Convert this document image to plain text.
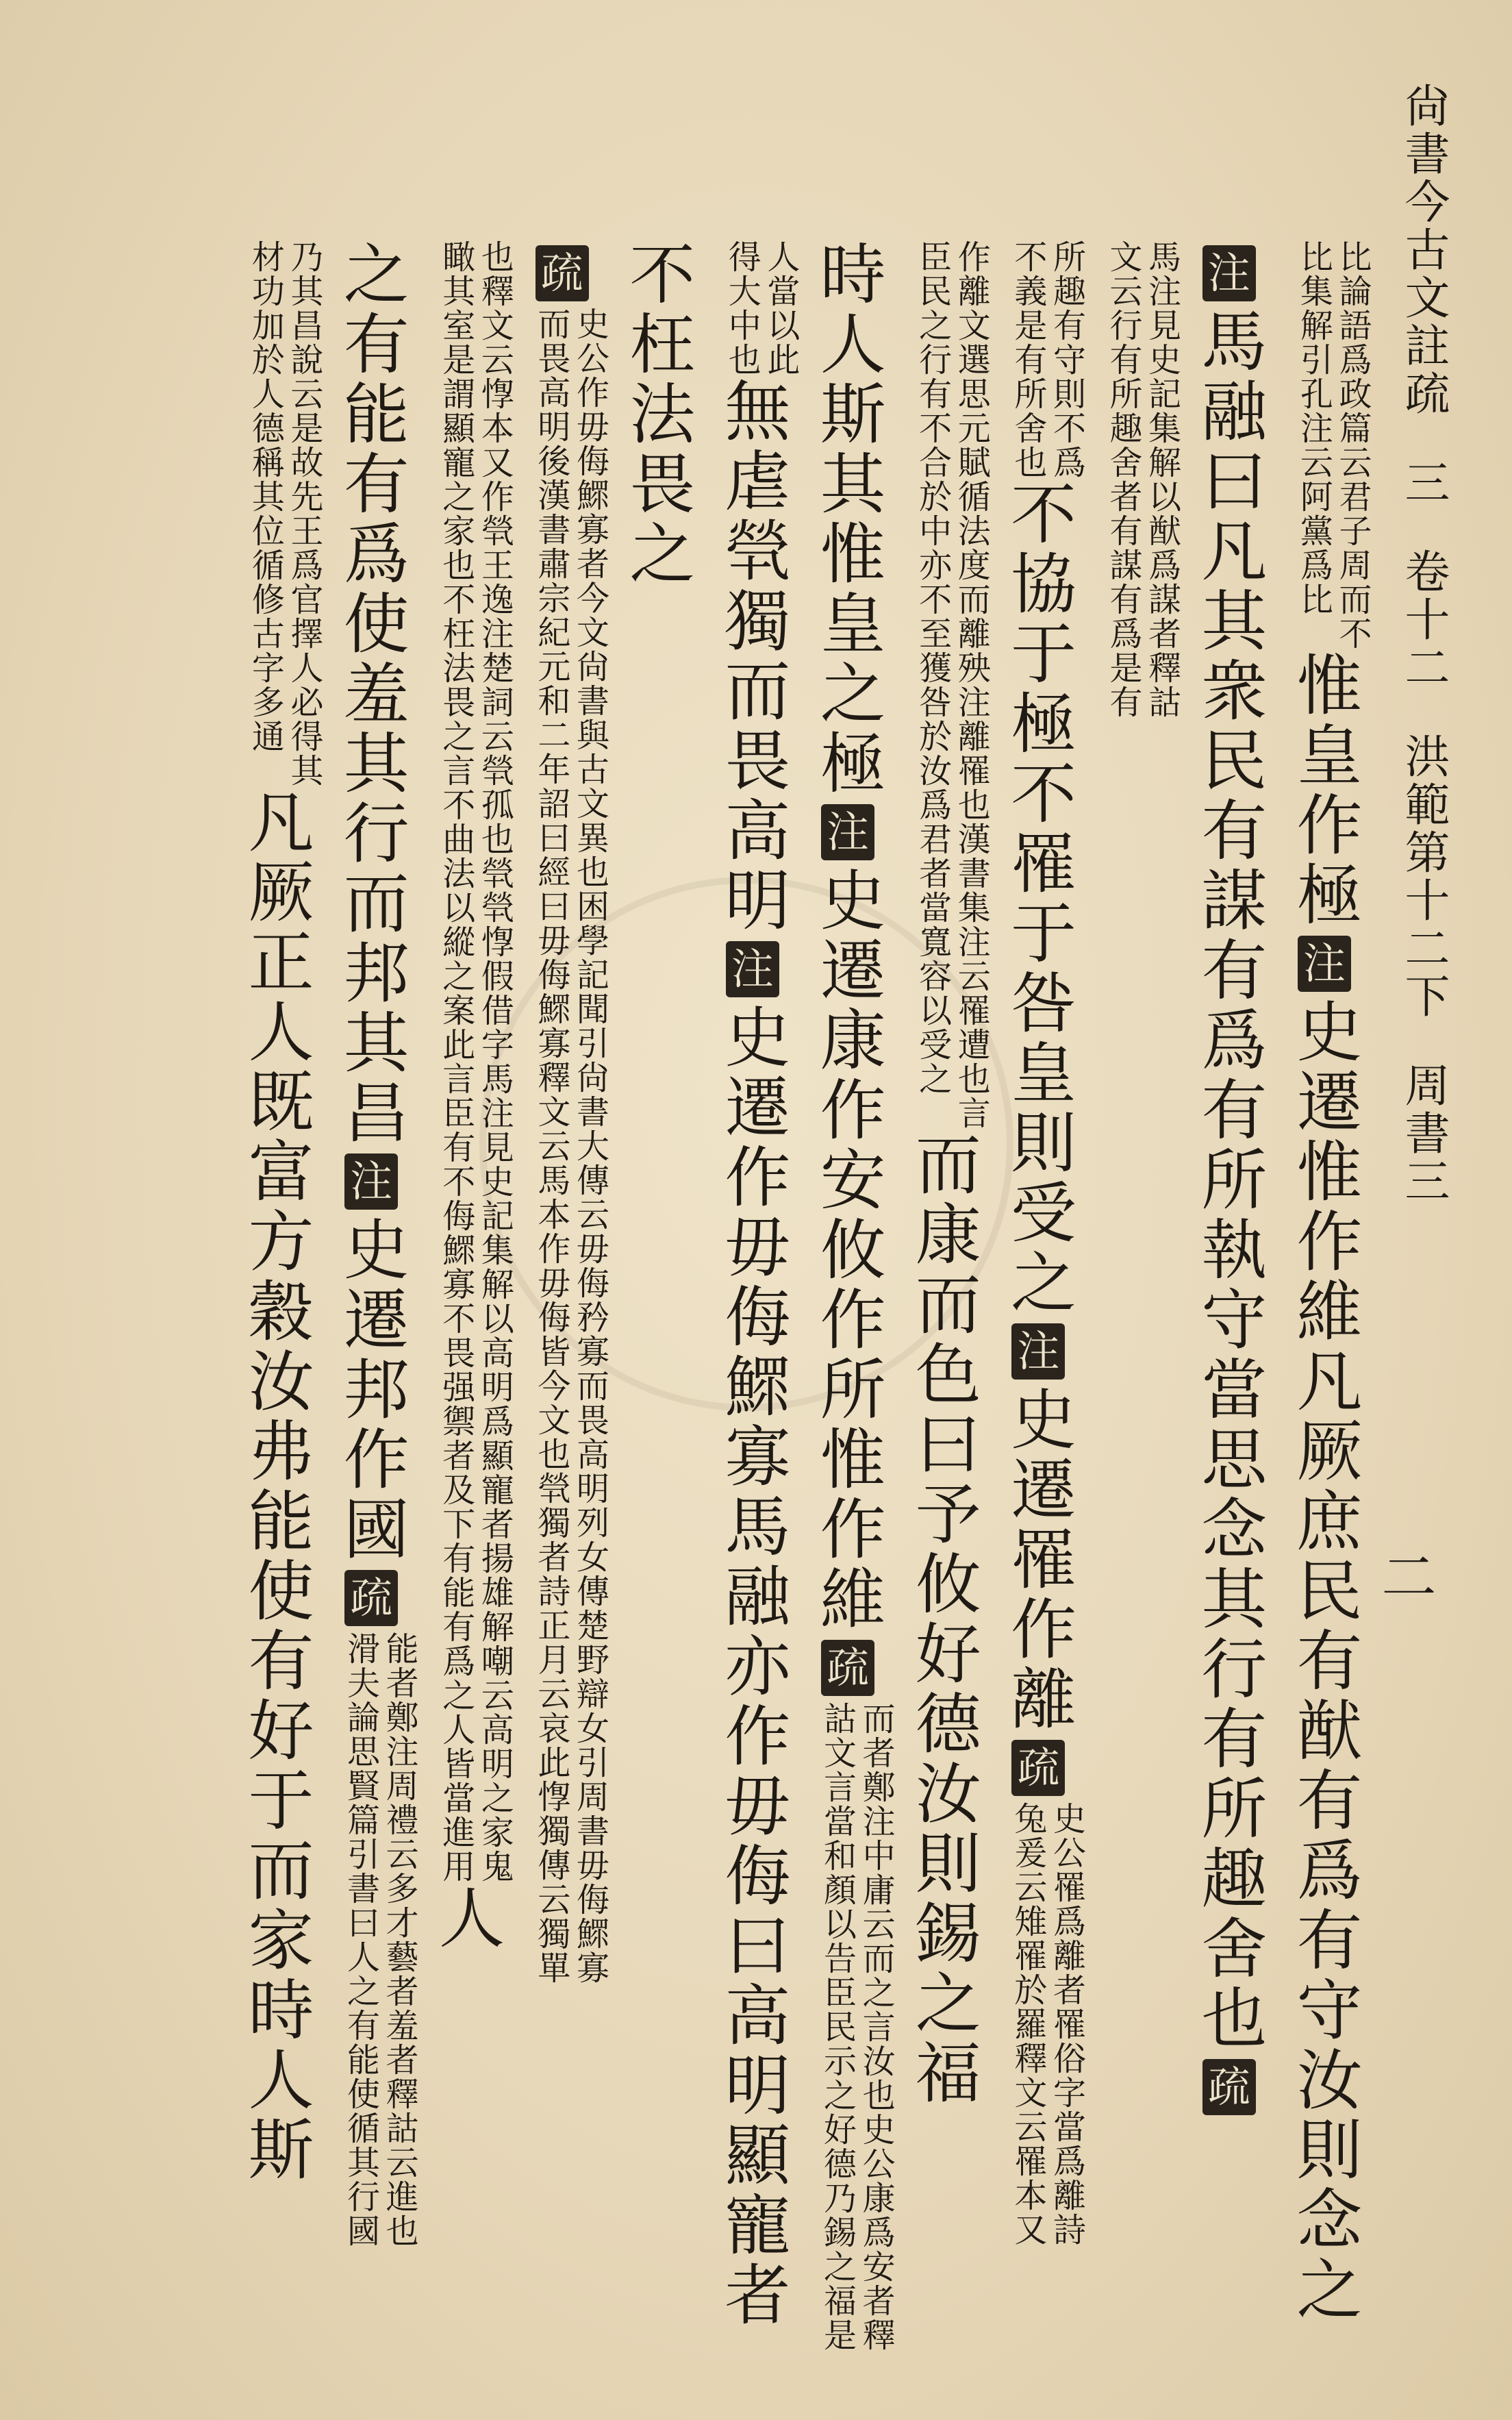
尙書今古文註疏
三
卷十二
洪範第十二下
周書三
二
比論語爲政篇云君子周而不
比集解引孔注云阿黨爲比
惟皇作極注史遷惟作維凡厥庶民有猷有爲有守汝則念之
注馬融曰凡其衆民有謀有爲有所執守當思念其行有所趣舍也疏
馬注見史記集解以猷爲謀者釋詁
文云行有所趣舍者有謀有爲是有
所趣有守則不爲
不義是有所舍也
不協于極不罹于咎皇則受之注史遷罹作離疏
史公罹爲離者罹俗字當爲離詩
兔爰云雉罹於羅釋文云罹本又
作離文選思元賦循法度而離殃注離罹也漢書集注云罹遭也言
臣民之行有不合於中亦不至獲咎於汝爲君者當寬容以受之
而康而色曰予攸好德汝則錫之福
時人斯其惟皇之極注史遷康作安攸作所惟作維疏
而者鄭注中庸云而之言汝也史公康爲安者釋
詁文言當和顏以告臣民示之好德乃錫之福是
人當以此
得大中也
無虐煢獨而畏高明注史遷作毋侮鰥寡馬融亦作毋侮曰高明顯寵者不枉法畏之
疏
史公作毋侮鰥寡者今文尙書與古文異也困學記聞引尙書大傳云毋侮矜寡而畏高明列女傳楚野辯女引周書毋侮鰥寡
而畏高明後漢書肅宗紀元和二年詔曰經曰毋侮鰥寡釋文云馬本作毋侮皆今文也煢獨者詩正月云哀此惸獨傳云獨單
也釋文云惸本又作煢王逸注楚詞云煢孤也煢煢惸假借字馬注見史記集解以高明爲顯寵者揚雄解嘲云高明之家鬼
瞰其室是謂顯寵之家也不枉法畏之言不曲法以縱之案此言臣有不侮鰥寡不畏强禦者及下有能有爲之人皆當進用
人
之有能有爲使羞其行而邦其昌注史遷邦作國疏
能者鄭注周禮云多才藝者羞者釋詁云進也
滑夫論思賢篇引書曰人之有能使循其行國
乃其昌說云是故先王爲官擇人必得其
材功加於人德稱其位循修古字多通
凡厥正人既富方穀汝弗能使有好于而家時人斯
